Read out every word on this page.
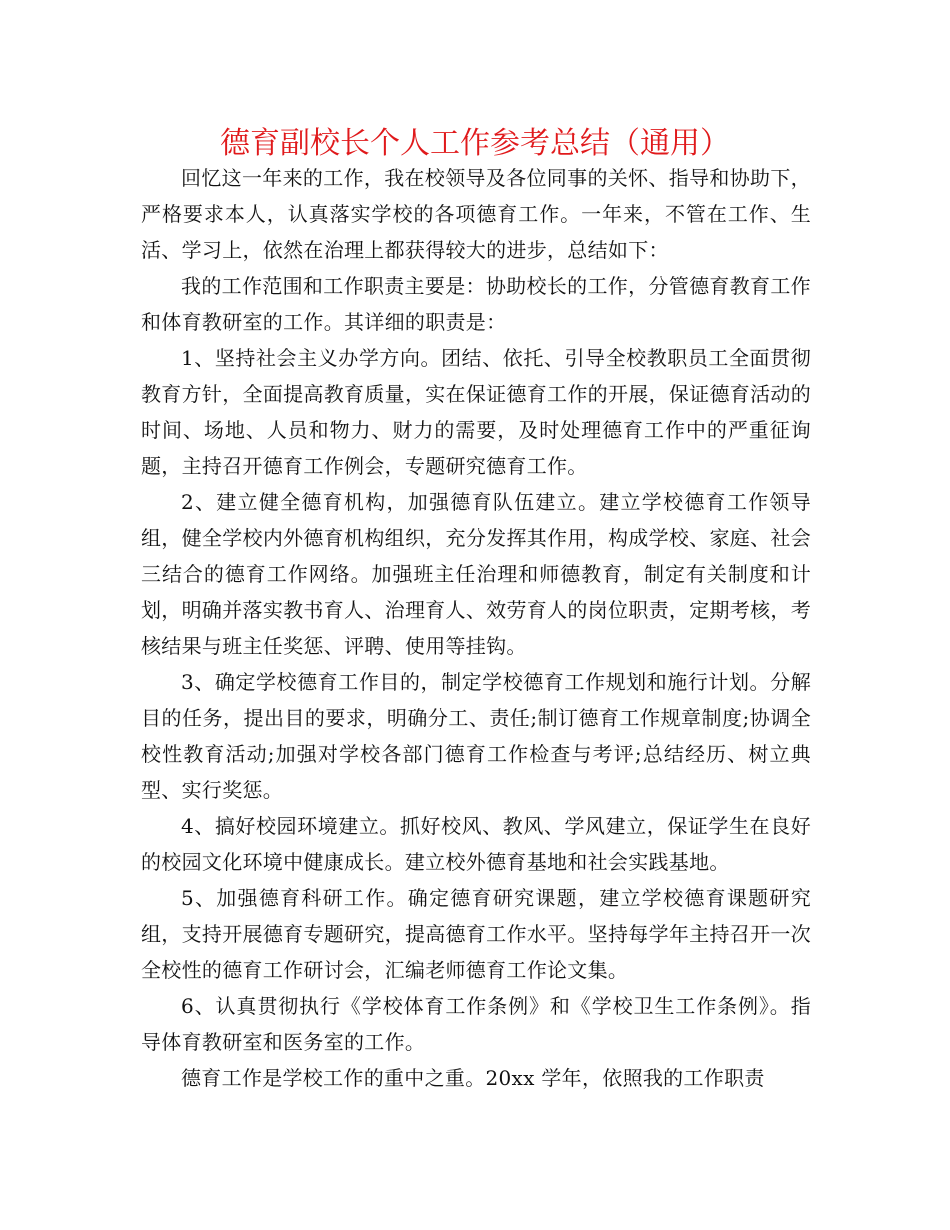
德育副校长个人工作参考总结（通用）

回忆这一年来的工作，我在校领导及各位同事的关怀、指导和协助下，严格要求本人，认真落实学校的各项德育工作。一年来，不管在工作、生活、学习上，依然在治理上都获得较大的进步，总结如下：

我的工作范围和工作职责主要是：协助校长的工作，分管德育教育工作和体育教研室的工作。其详细的职责是：

1、坚持社会主义办学方向。团结、依托、引导全校教职员工全面贯彻教育方针，全面提高教育质量，实在保证德育工作的开展，保证德育活动的时间、场地、人员和物力、财力的需要，及时处理德育工作中的严重征询题，主持召开德育工作例会，专题研究德育工作。

2、建立健全德育机构，加强德育队伍建立。建立学校德育工作领导组，健全学校内外德育机构组织，充分发挥其作用，构成学校、家庭、社会三结合的德育工作网络。加强班主任治理和师德教育，制定有关制度和计划，明确并落实教书育人、治理育人、效劳育人的岗位职责，定期考核，考核结果与班主任奖惩、评聘、使用等挂钩。

3、确定学校德育工作目的，制定学校德育工作规划和施行计划。分解目的任务，提出目的要求，明确分工、责任;制订德育工作规章制度;协调全校性教育活动;加强对学校各部门德育工作检查与考评;总结经历、树立典型、实行奖惩。

4、搞好校园环境建立。抓好校风、教风、学风建立，保证学生在良好的校园文化环境中健康成长。建立校外德育基地和社会实践基地。

5、加强德育科研工作。确定德育研究课题，建立学校德育课题研究组，支持开展德育专题研究，提高德育工作水平。坚持每学年主持召开一次全校性的德育工作研讨会，汇编老师德育工作论文集。

6、认真贯彻执行《学校体育工作条例》和《学校卫生工作条例》。指导体育教研室和医务室的工作。

德育工作是学校工作的重中之重。20xx 学年，依照我的工作职责
